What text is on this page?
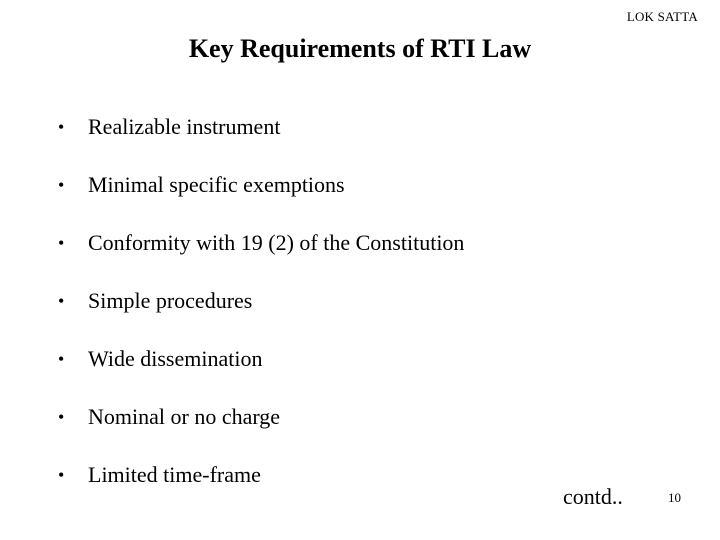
LOK SATTA
Key Requirements of RTI Law
•	Realizable instrument
•	Minimal specific exemptions
•	Conformity with 19 (2) of the Constitution
•	Simple procedures
•	Wide dissemination
•	Nominal or no charge
•	Limited time-frame
contd..	10
